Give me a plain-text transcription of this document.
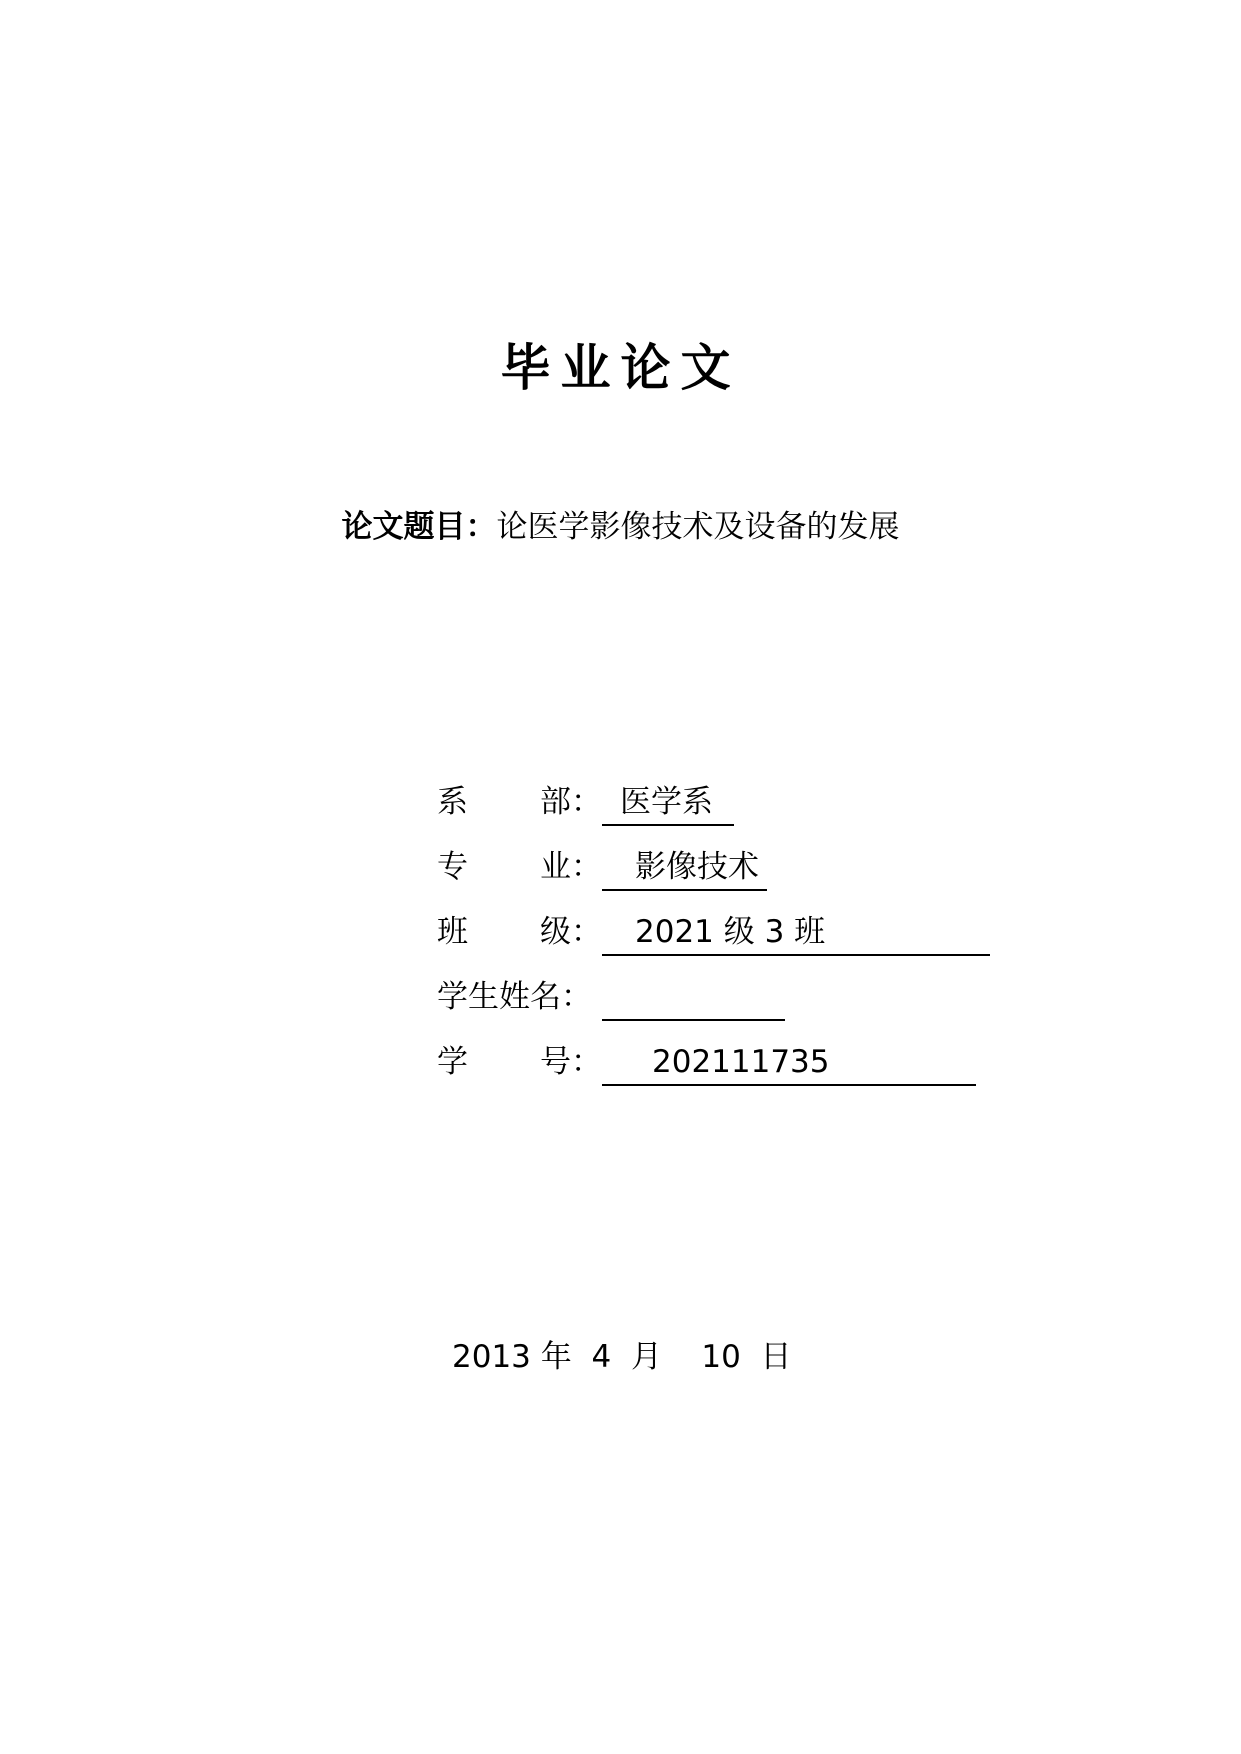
毕业论文
论文题目：论医学影像技术及设备的发展
系部： 医学系
专业：	影像技术
班级：	2021 级 3 班
学生姓名：
学号：	202111735
2013 年 4 月 10 日
